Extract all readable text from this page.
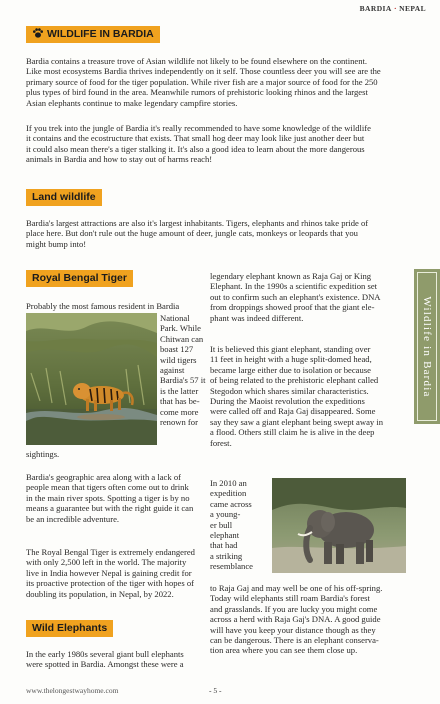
BARDIA · NEPAL
WILDLIFE IN BARDIA
Bardia contains a treasure trove of Asian wildlife not likely to be found elsewhere on the continent.
Like most ecosystems Bardia thrives independently on it self. Those countless deer you will see are the
primary source of food for the tiger population. While river fish are a major source of food for the 250
plus types of bird found in the area. Meanwhile rumors of prehistoric looking rhinos and the largest
Asian elephants continue to make legendary campfire stories.
If you trek into the jungle of Bardia it's really recommended to have some knowledge of the wildlife
it contains and the ecostructure that exists. That small hog deer may look like just another deer but
it could also mean there's a tiger stalking it. It's also a good idea to learn about the more dangerous
animals in Bardia and how to stay out of harms reach!
Land wildlife
Bardia's largest attractions are also it's largest inhabitants. Tigers, elephants and rhinos take pride of
place here. But don't rule out the huge amount of deer, jungle cats, monkeys or leopards that you
might bump into!
Royal Bengal Tiger
Probably the most famous resident in Bardia
National
Park. While
Chitwan can
boast 127
wild tigers
against
Bardia's 57 it
is the latter
that has be-
come more
renown for
sightings.
Bardia's geographic area along with a lack of
people mean that tigers often come out to drink
in the main river spots. Spotting a tiger is by no
means a guarantee but with the right guide it can
be an incredible adventure.
The Royal Bengal Tiger is extremely endangered
with only 2,500 left in the world. The majority
live in India however Nepal is gaining credit for
its proactive protection of the tiger with hopes of
doubling its population, in Nepal, by 2022.
Wild Elephants
In the early 1980s several giant bull elephants
were spotted in Bardia. Amongst these were a
legendary elephant known as Raja Gaj or King
Elephant. In the 1990s a scientific expedition set
out to confirm such an elephant's existence. DNA
from droppings showed proof that the giant ele-
phant was indeed different.
It is believed this giant elephant, standing over
11 feet in height with a huge split-domed head,
became large either due to isolation or because
of being related to the prehistoric elephant called
Stegodon which shares similar characteristics.
During the Maoist revolution the expeditions
were called off and Raja Gaj disappeared. Some
say they saw a giant elephant being swept away in
a flood. Others still claim he is alive in the deep
forest.
In 2010 an
expedition
came across
a young-
er bull
elephant
that had
a striking
resemblance
to Raja Gaj and may well be one of his off-spring.
Today wild elephants still roam Bardia's forest
and grasslands. If you are lucky you might come
across a herd with Raja Gaj's DNA. A good guide
will have you keep your distance though as they
can be dangerous. There is an elephant conserva-
tion area where you can see them close up.
Wildlife in Bardia
www.thelongestwayhome.com	- 5 -
